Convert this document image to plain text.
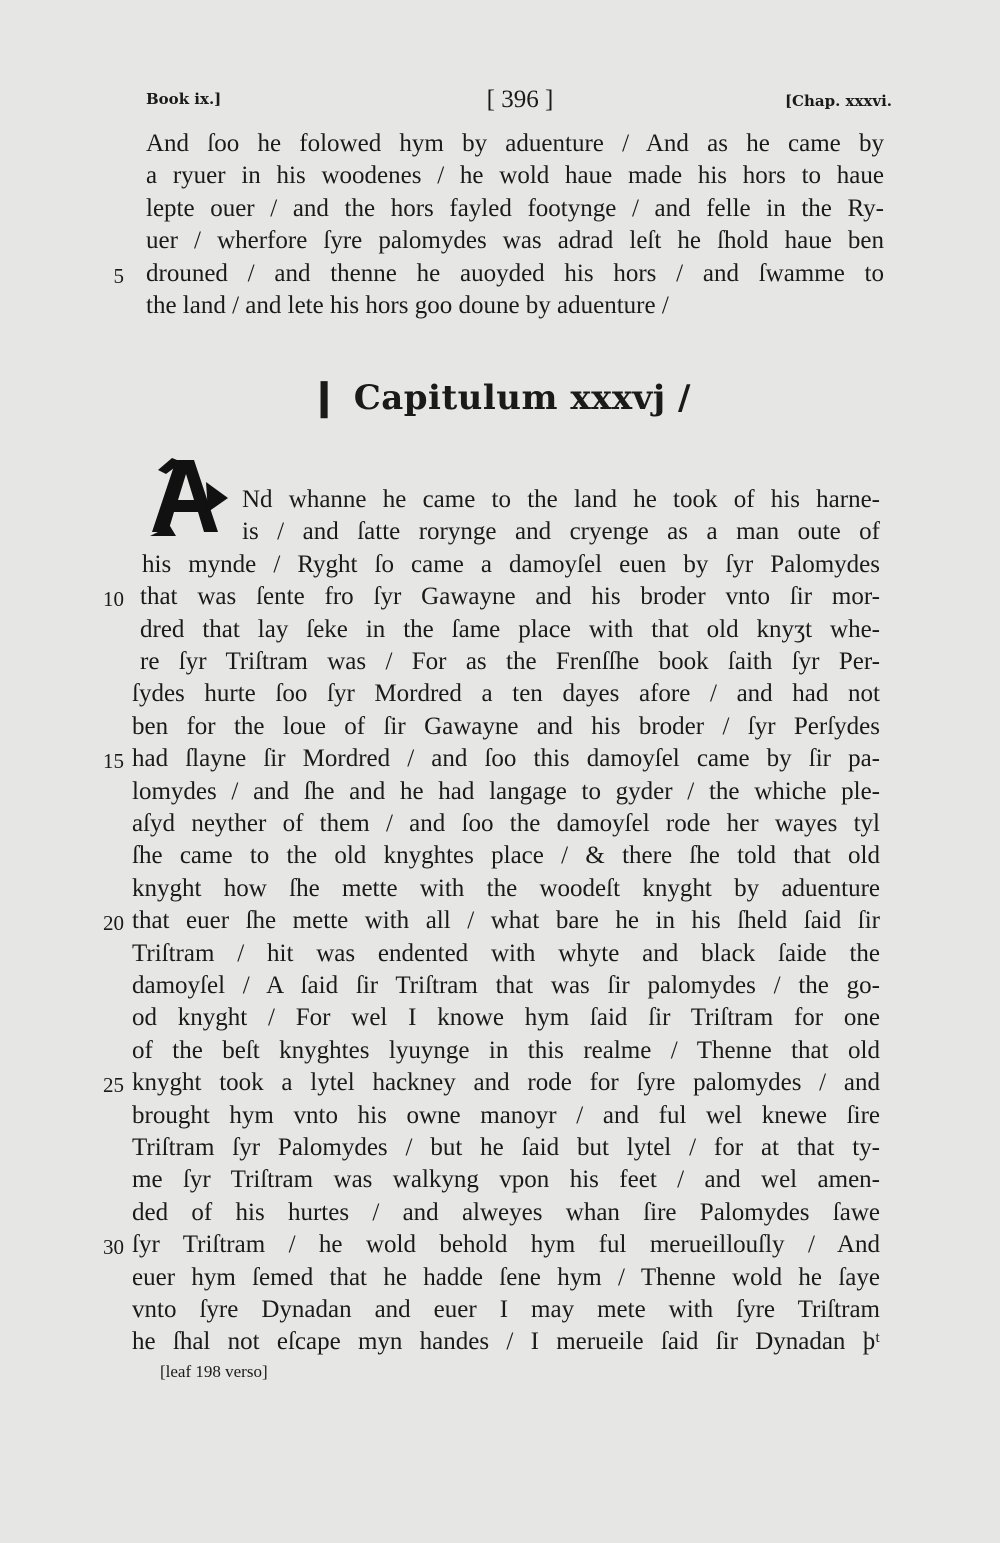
Book ix.]	[ 396 ]	[Chap. xxxvi.
And ſoo he folowed hym by aduenture / And as he came by
a ryuer in his woodenes / he wold haue made his hors to haue
lepte ouer / and the hors fayled footynge / and felle in the Ry-
uer / wherfore ſyre palomydes was adrad leſt he ſhold haue ben
drouned / and thenne he auoyded his hors / and ſwamme to
5
the land / and lete his hors goo doune by aduenture /
❙ Capitulum xxxvj /
Nd whanne he came to the land he took of his harne-
is / and ſatte roryngе and cryenge as a man oute of
his mynde / Ryght ſo came a damoyſel euen by ſyr Palomydes
that was ſente fro ſyr Gawayne and his broder vnto ſir mor-
10
dred that lay ſeke in the ſame place with that old knyʒt whe-
re ſyr Triſtram was / For as the Frenſſhe book ſaith ſyr Per-
ſydes hurte ſoo ſyr Mordred a ten dayes afore / and had not
ben for the loue of ſir Gawayne and his broder / ſyr Perſydes
had ſlayne ſir Mordred / and ſoo this damoyſel came by ſir pa-
15
lomydes / and ſhe and he had langage to gyder / the whiche ple-
aſyd neyther of them / and ſoo the damoyſel rode her wayes tyl
ſhe came to the old knyghtes place / & there ſhe told that old
knyght how ſhe mette with the woodeſt knyght by aduenture
that euer ſhe mette with all / what bare he in his ſheld ſaid ſir
20
Triſtram / hit was endented with whyte and black ſaide the
damoyſel / A ſaid ſir Triſtram that was ſir palomydes / the go-
od knyght / For wel I knowe hym ſaid ſir Triſtram for one
of the beſt knyghtes lyuynge in this realme / Thenne that old
knyght took a lytel hackney and rode for ſyre palomydes / and
25
brought hym vnto his owne manoyr / and ful wel knewe ſire
Triſtram ſyr Palomydes / but he ſaid but lytel / for at that ty-
me ſyr Triſtram was walkyng vpon his feet / and wel amen-
ded of his hurtes / and alweyes whan ſire Palomydes ſawe
ſyr Triſtram / he wold behold hym ful merueillouſly / And
30
euer hym ſemed that he hadde ſene hym / Thenne wold he ſaye
vnto ſyre Dynadan and euer I may mete with ſyre Triſtram
he ſhal not eſcape myn handes / I merueile ſaid ſir Dynadan þᵗ
[leaf 198 verso]
